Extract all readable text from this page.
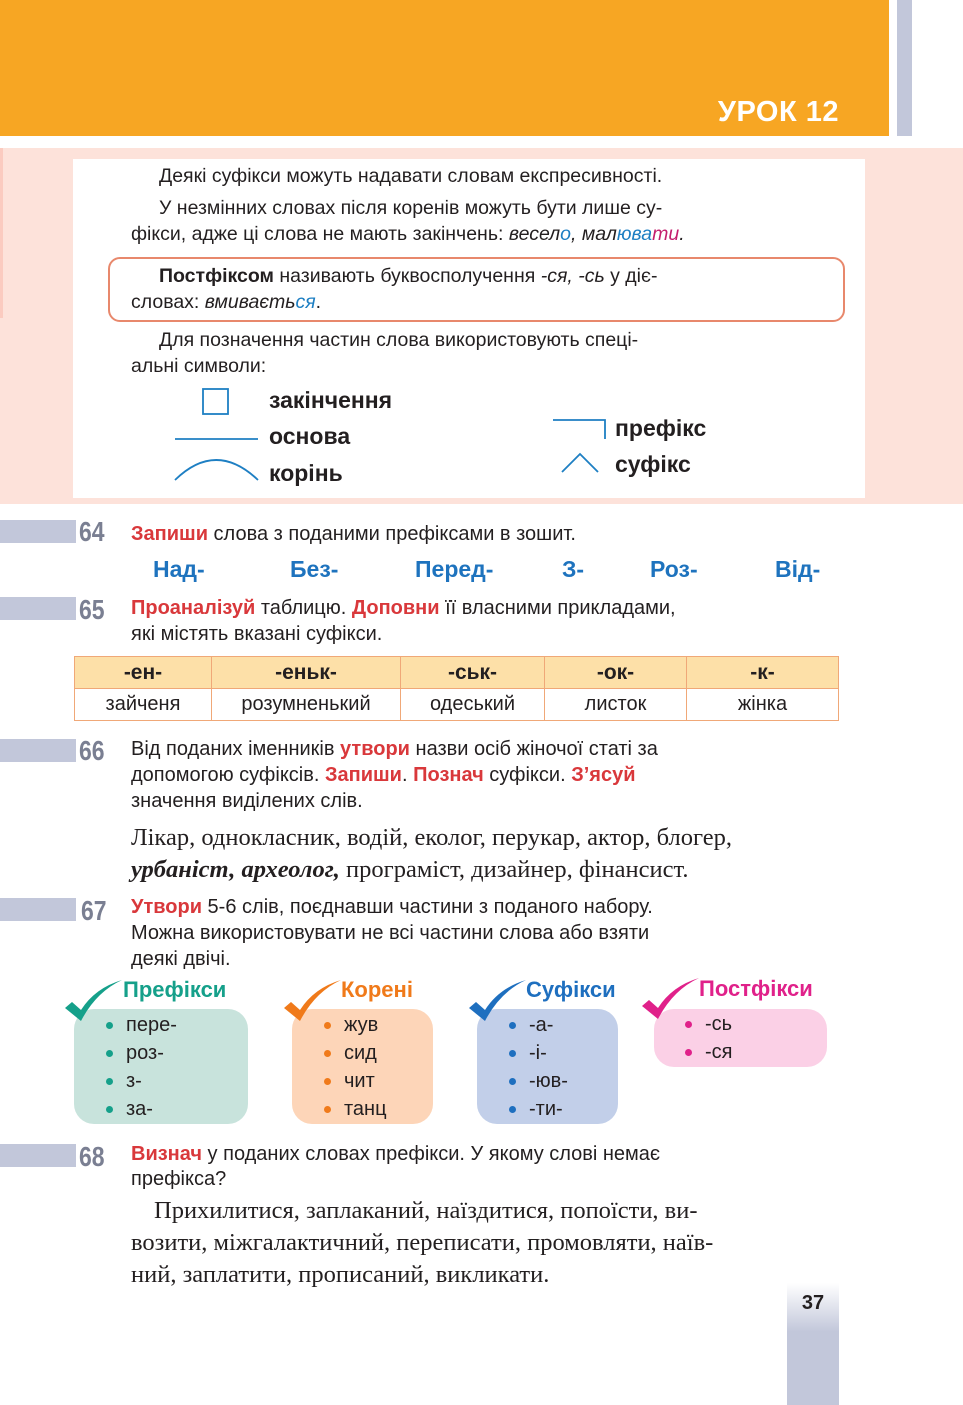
УРОК 12
Деякі суфікси можуть надавати словам експресивності.
У незмінних словах після коренів можуть бути лише су-
фікси, адже ці слова не мають закінчень: весело, малювати.
Постфіксом називають буквосполучення -ся, -сь у діє-
словах: вмивається.
Для позначення частин слова використовують спеці-
альні символи:
закінчення
основа
корінь
префікс
суфікс
64 Запиши слова з поданими префіксами в зошит.
Над-	Без-	Перед-	З-	Роз-	Від-
65 Проаналізуй таблицю. Доповни її власними прикладами,
які містять вказані суфікси.
-ен-	-еньк-	-ськ-	-ок-	-к-
зайченя	розумненький	одеський	листок	жінка
66 Від поданих іменників утвори назви осіб жіночої статі за
допомогою суфіксів. Запиши. Познач суфікси. З’ясуй
значення виділених слів.
Лікар, однокласник, водій, еколог, перукар, актор, блогер,
урбаніст, археолог, програміст, дизайнер, фінансист.
67 Утвори 5-6 слів, поєднавши частини з поданого набору.
Можна використовувати не всі частини слова або взяти
деякі двічі.
Префікси
пере-
роз-
з-
за-
Корені
жув
сид
чит
танц
Суфікси
-а-
-і-
-юв-
-ти-
Постфікси
-сь
-ся
68 Визнач у поданих словах префікси. У якому слові немає
префікса?
Прихилитися, заплаканий, наїздитися, попоїсти, ви-
возити, міжгалактичний, переписати, промовляти, наїв-
ний, заплатити, прописаний, викликати.
37
